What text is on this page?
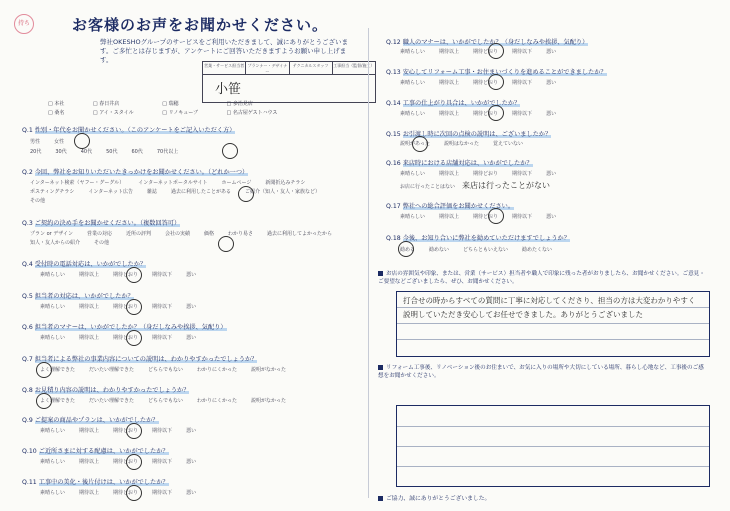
持ち	お客様のお声をお聞かせください。
弊社OKESHOグループのサービスをご利用いただきまして、誠にありがとうございます。ご多忙とは存じますが、アンケートにご回答いただきますようお願い申し上げます。
営業・サービス担当者 プランナー・デザイナー
テクニカルスタッフ	工事担当（監督/施工）
小笹
□ 本社	□ 春日井店	□ 瑞穂	□ 多治見店
□ 桑名	□ アイ・スタイル	□ リノキューブ	□ 名古屋ゲストハウス
Q.1 性別・年代をお聞かせください。（このアンケートをご記入いただく方）
男性	女性
20代	30代	40代	50代	60代	70代以上
Q.2 今回、弊社をお知りいただいたきっかけをお聞かせください。（どれか一つ）
インターネット検索（ヤフー・グーグル）	インターネットポータルサイト	ホームページ	新聞折込みチラシポスティングチラシ	インターネット広告	雑誌	過去に利用したことがある	ご紹介（知人・友人・家族など）その他
Q.3 ご契約の決め手をお聞かせください。（複数回答可）
プラン or デザイン	営業の対応	近所の評判	会社の実績	価格	わかり易さ	過去に利用してよかったから知人・友人からの紹介	その他
Q.4 受付時の電話対応は、いかがでしたか？
素晴らしい	期待以上	期待どおり	期待以下	悪い
Q.5 担当者の対応は、いかがでしたか？
素晴らしい	期待以上	期待どおり	期待以下	悪い
Q.6 担当者のマナーは、いかがでしたか？（身だしなみや挨拶、気配り）
素晴らしい	期待以上	期待どおり	期待以下	悪い
Q.7 担当者による弊社の事業内容についての説明は、わかりやすかったでしょうか？
よく理解できた	だいたい理解できた	どちらでもない	わかりにくかった	説明がなかった
Q.8 お見積り内容の説明は、わかりやすかったでしょうか？
よく理解できた	だいたい理解できた	どちらでもない	わかりにくかった	説明がなかった
Q.9 ご提案の商品やプランは、いかがでしたか？
素晴らしい	期待以上	期待どおり	期待以下	悪い
Q.10 ご近所さまに対する配慮は、いかがでしたか？
素晴らしい	期待以上	期待どおり	期待以下	悪い
Q.11 工事中の美化・後片付けは、いかがでしたか？
素晴らしい	期待以上	期待どおり	期待以下	悪い
Q.12 職人のマナーは、いかがでしたか？（身だしなみや挨拶、気配り）
素晴らしい	期待以上	期待どおり	期待以下	悪い
Q.13 安心してリフォーム工事・お住まいづくりを進めることができましたか？
素晴らしい	期待以上	期待どおり	期待以下	悪い
Q.14 工事の仕上がり具合は、いかがでしたか？
素晴らしい	期待以上	期待どおり	期待以下	悪い
Q.15 お引渡し時に次回の点検の説明は、ございましたか？
説明があった	説明はなかった	覚えていない
Q.16 来店時における店舗対応は、いかがでしたか？
素晴らしい	期待以上	期待どおり	期待以下	悪い
お店に行ったことはない 来店は行ったことがない
Q.17 弊社への総合評価をお聞かせください。
素晴らしい	期待以上	期待どおり	期待以下	悪い
Q.18 今後、お知り合いに弊社を勧めていただけますでしょうか？
勧める	勧めない	どちらともいえない	勧めたくない
お店の雰囲気や印象、または、営業（サービス）担当者や職人で印象に残った者がおりましたら、お聞かせください。ご意見・ご要望などございましたら、ぜひ、お聞かせください。
打合せの時からすべての質問に丁寧に対応してくださり、担当の方は大変わかりやすく
説明していただき安心してお任せできました。ありがとうございました
リフォーム工事後、リノベーション後のお住まいで、お気に入りの場所や大切にしている場所、暮らし心地など、工事後のご感想をお聞かせください。
ご協力、誠にありがとうございました。
